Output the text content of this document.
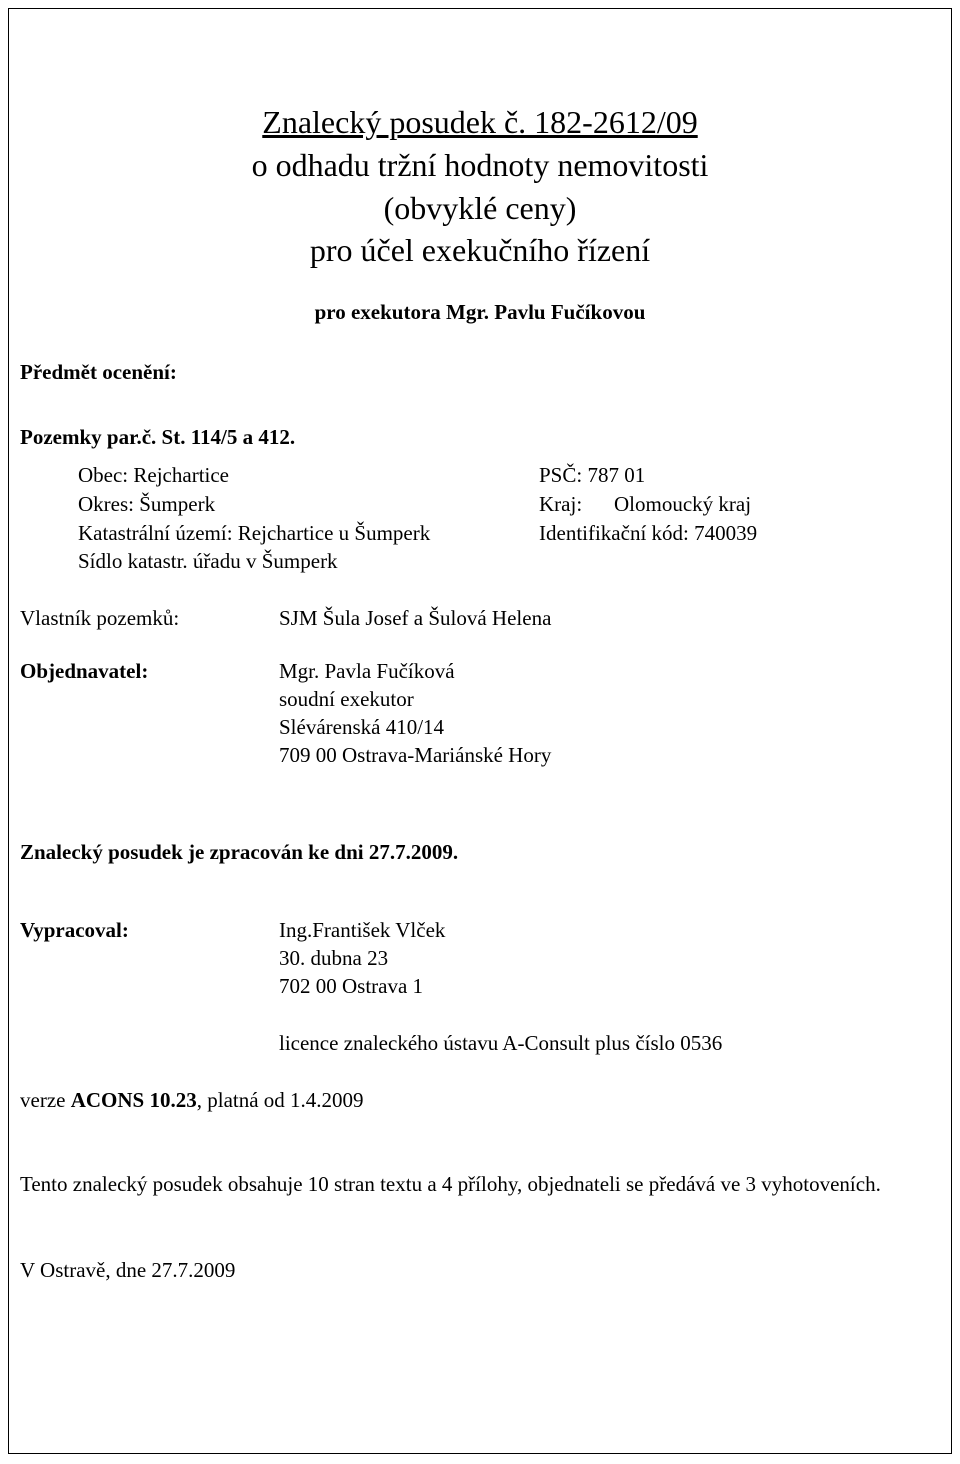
Znalecký posudek č. 182-2612/09
o odhadu tržní hodnoty nemovitosti
(obvyklé ceny)
pro účel exekučního řízení
pro exekutora Mgr. Pavlu Fučíkovou
Předmět ocenění:
Pozemky par.č. St. 114/5 a 412.
Obec: Rejchartice	PSČ: 787 01
Okres: Šumperk	Kraj: Olomoucký kraj
Katastrální území: Rejchartice u Šumperk	Identifikační kód: 740039
Sídlo katastr. úřadu v Šumperk
Vlastník pozemků:	SJM Šula Josef a Šulová Helena
Objednavatel:	Mgr. Pavla Fučíková
soudní exekutor
Slévárenská 410/14
709 00 Ostrava-Mariánské Hory
Znalecký posudek je zpracován ke dni 27.7.2009.
Vypracoval:	Ing.František Vlček
30. dubna 23
702 00 Ostrava 1
licence znaleckého ústavu A-Consult plus číslo 0536
verze ACONS 10.23, platná od 1.4.2009
Tento znalecký posudek obsahuje 10 stran textu a 4 přílohy, objednateli se předává ve 3 vyhotoveních.
V Ostravě, dne 27.7.2009
